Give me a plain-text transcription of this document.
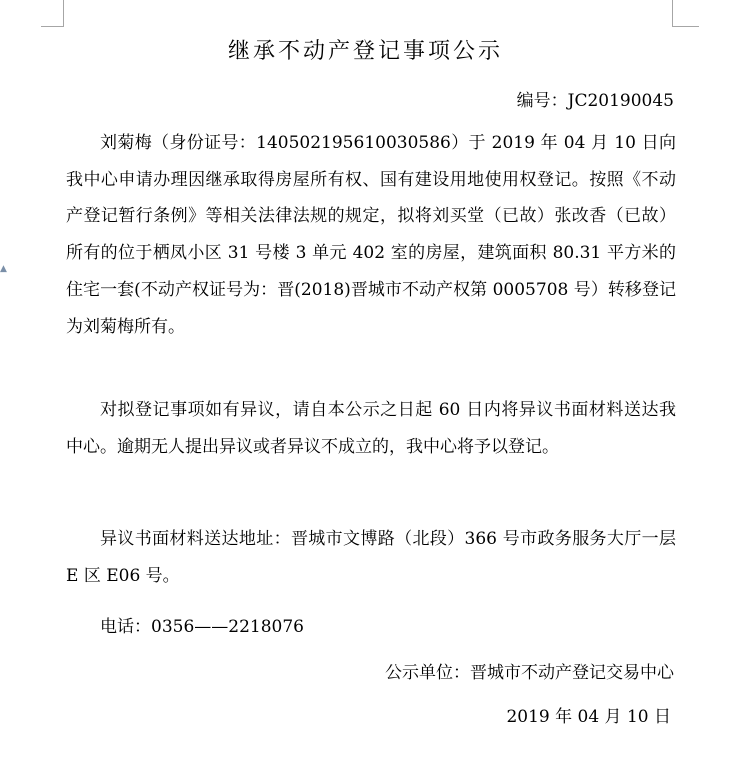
▲
继承不动产登记事项公示
编号：JC20190045
刘菊梅（身份证号：140502195610030586）于 2019 年 04 月 10 日向我中心申请办理因继承取得房屋所有权、国有建设用地使用权登记。按照《不动产登记暂行条例》等相关法律法规的规定，拟将刘买堂（已故）张改香（已故）所有的位于栖凤小区 31 号楼 3 单元 402 室的房屋，建筑面积 80.31 平方米的住宅一套(不动产权证号为：晋(2018)晋城市不动产权第 0005708 号）转移登记为刘菊梅所有。
对拟登记事项如有异议，请自本公示之日起 60 日内将异议书面材料送达我中心。逾期无人提出异议或者异议不成立的，我中心将予以登记。
异议书面材料送达地址：晋城市文博路（北段）366 号市政务服务大厅一层 E 区 E06 号。
电话：0356——2218076
公示单位：晋城市不动产登记交易中心
2019 年 04 月 10 日
